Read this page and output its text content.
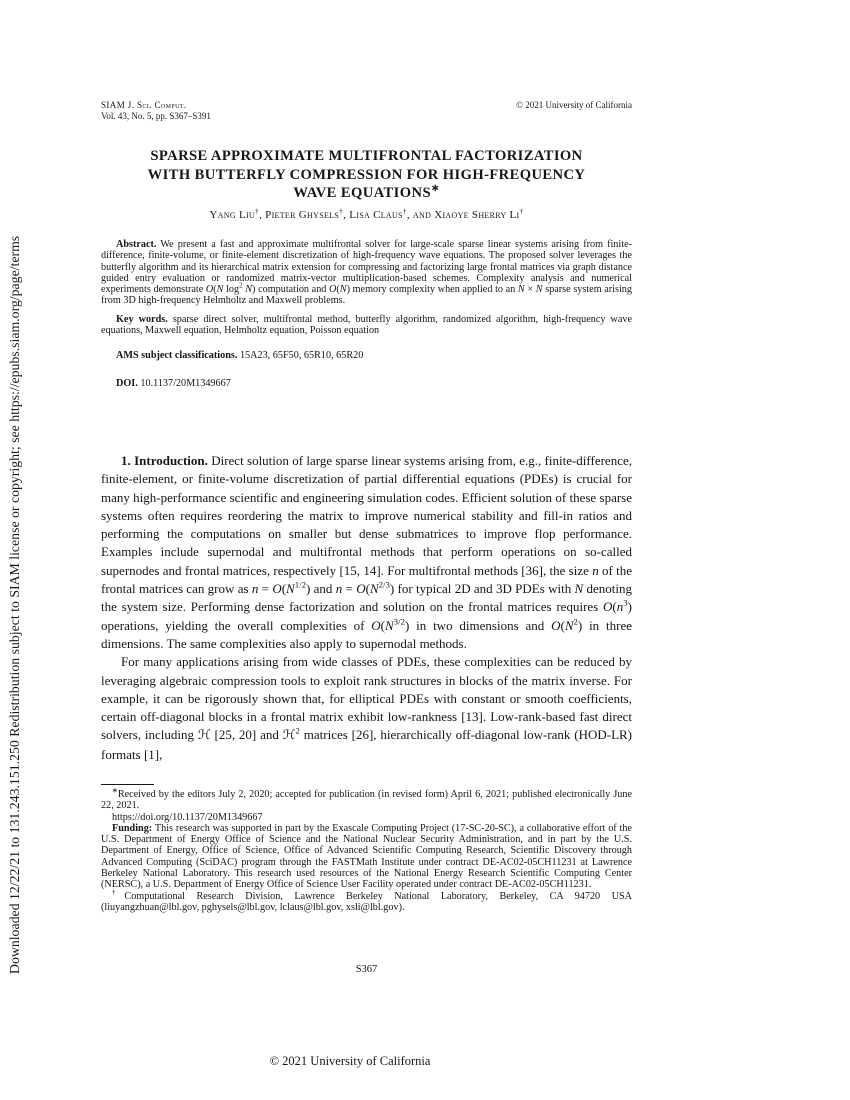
Downloaded 12/22/21 to 131.243.151.250 Redistribution subject to SIAM license or copyright; see https://epubs.siam.org/page/terms
SIAM J. Sci. Comput.
Vol. 43, No. 5, pp. S367–S391
© 2021 University of California
SPARSE APPROXIMATE MULTIFRONTAL FACTORIZATION
WITH BUTTERFLY COMPRESSION FOR HIGH-FREQUENCY
WAVE EQUATIONS∗
Yang Liu†, Pieter Ghysels†, Lisa Claus†, and Xiaoye Sherry Li†

Abstract. We present a fast and approximate multifrontal solver for large-scale sparse linear systems arising from finite-difference, finite-volume, or finite-element discretization of high-frequency wave equations. The proposed solver leverages the butterfly algorithm and its hierarchical matrix extension for compressing and factorizing large frontal matrices via graph distance guided entry evaluation or randomized matrix-vector multiplication-based schemes. Complexity analysis and numerical experiments demonstrate O(N $\log^2 N$) computation and O(N) memory complexity when applied to an N × N sparse system arising from 3D high-frequency Helmholtz and Maxwell problems.

Key words. sparse direct solver, multifrontal method, butterfly algorithm, randomized algorithm, high-frequency wave equations, Maxwell equation, Helmholtz equation, Poisson equation

AMS subject classifications. 15A23, 65F50, 65R10, 65R20

DOI. 10.1137/20M1349667

1. Introduction. Direct solution of large sparse linear systems arising from, e.g., finite-difference, finite-element, or finite-volume discretization of partial differential equations (PDEs) is crucial for many high-performance scientific and engineering simulation codes. Efficient solution of these sparse systems often requires reordering the matrix to improve numerical stability and fill-in ratios and performing the computations on smaller but dense submatrices to improve flop performance. Examples include supernodal and multifrontal methods that perform operations on so-called supernodes and frontal matrices, respectively [15, 14]. For multifrontal methods [36], the size n of the frontal matrices can grow as $n = O(N^{1/2})$ and $n = O(N^{2/3})$ for typical 2D and 3D PDEs with N denoting the system size. Performing dense factorization and solution on the frontal matrices requires $O(n^3)$ operations, yielding the overall complexities of $O(N^{3/2})$ in two dimensions and $O(N^2)$ in three dimensions. The same complexities also apply to supernodal methods.

For many applications arising from wide classes of PDEs, these complexities can be reduced by leveraging algebraic compression tools to exploit rank structures in blocks of the matrix inverse. For example, it can be rigorously shown that, for elliptical PDEs with constant or smooth coefficients, certain off-diagonal blocks in a frontal matrix exhibit low-rankness [13]. Low-rank-based fast direct solvers, including ℋ [25, 20] and ℋ$^2$ matrices [26], hierarchically off-diagonal low-rank (HOD-LR) formats [1],

∗Received by the editors July 2, 2020; accepted for publication (in revised form) April 6, 2021; published electronically June 22, 2021.

https://doi.org/10.1137/20M1349667

Funding: This research was supported in part by the Exascale Computing Project (17-SC-20-SC), a collaborative effort of the U.S. Department of Energy Office of Science and the National Nuclear Security Administration, and in part by the U.S. Department of Energy, Office of Science, Office of Advanced Scientific Computing Research, Scientific Discovery through Advanced Computing (SciDAC) program through the FASTMath Institute under contract DE-AC02-05CH11231 at Lawrence Berkeley National Laboratory. This research used resources of the National Energy Research Scientific Computing Center (NERSC), a U.S. Department of Energy Office of Science User Facility operated under contract DE-AC02-05CH11231.

†Computational Research Division, Lawrence Berkeley National Laboratory, Berkeley, CA 94720 USA (liuyangzhuan@lbl.gov, pghysels@lbl.gov, lclaus@lbl.gov, xsli@lbl.gov).

S367
© 2021 University of California
